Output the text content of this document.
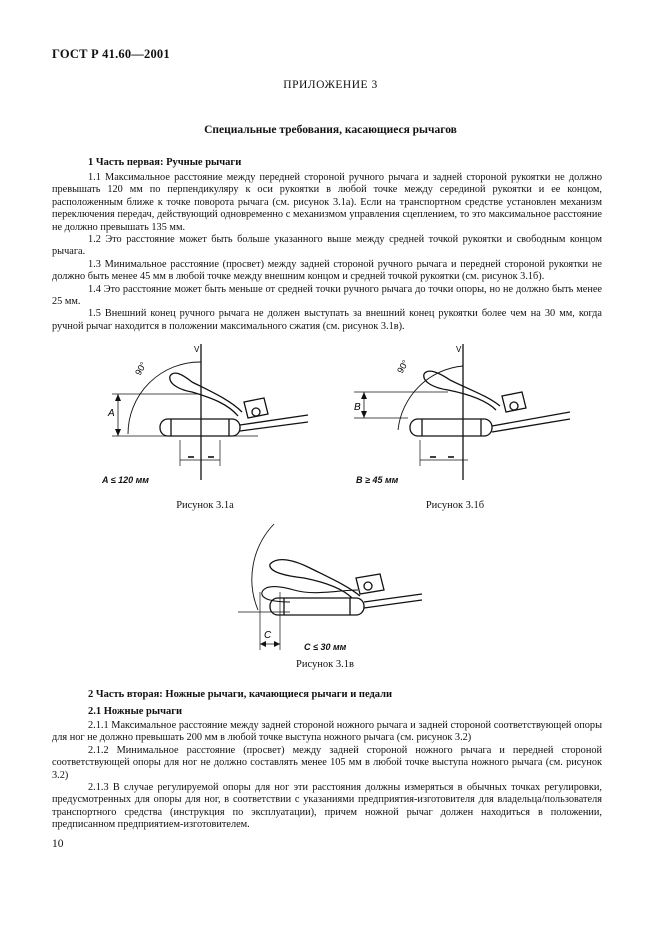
ГОСТ Р 41.60—2001
ПРИЛОЖЕНИЕ 3
Специальные требования, касающиеся рычагов
1 Часть первая: Ручные рычаги
1.1 Максимальное расстояние между передней стороной ручного рычага и задней стороной рукоятки не должно превышать 120 мм по перпендикуляру к оси рукоятки в любой точке между серединой рукоятки и ее концом, расположенным ближе к точке поворота рычага (см. рисунок 3.1а). Если на транспортном средстве установлен механизм переключения передач, действующий одновременно с механизмом управления сцеплением, то это максимальное расстояние не должно превышать 135 мм.
1.2 Это расстояние может быть больше указанного выше между средней точкой рукоятки и свободным концом рычага.
1.3 Минимальное расстояние (просвет) между задней стороной ручного рычага и передней стороной рукоятки не должно быть менее 45 мм в любой точке между внешним концом и средней точкой рукоятки (см. рисунок 3.1б).
1.4 Это расстояние может быть меньше от средней точки ручного рычага до точки опоры, но не должно быть менее 25 мм.
1.5 Внешний конец ручного рычага не должен выступать за внешний конец рукоятки более чем на 30 мм, когда ручной рычаг находится в положении максимального сжатия (см. рисунок 3.1в).
A
90°
V
A ≤ 120 мм
Рисунок 3.1а
B
90°
V
B ≥ 45 мм
Рисунок 3.1б
C
C ≤ 30 мм
Рисунок 3.1в
2 Часть вторая: Ножные рычаги, качающиеся рычаги и педали
2.1 Ножные рычаги
2.1.1 Максимальное расстояние между задней стороной ножного рычага и задней стороной соответствующей опоры для ног не должно превышать 200 мм в любой точке выступа ножного рычага (см. рисунок 3.2)
2.1.2 Минимальное расстояние (просвет) между задней стороной ножного рычага и передней стороной соответствующей опоры для ног не должно составлять менее 105 мм в любой точке выступа ножного рычага (см. рисунок 3.2)
2.1.3 В случае регулируемой опоры для ног эти расстояния должны измеряться в обычных точках регулировки, предусмотренных для опоры для ног, в соответствии с указаниями предприятия-изготовителя для владельца/пользователя транспортного средства (инструкция по эксплуатации), причем ножной рычаг должен находиться в положении, предписанном предприятием-изготовителем.
10
